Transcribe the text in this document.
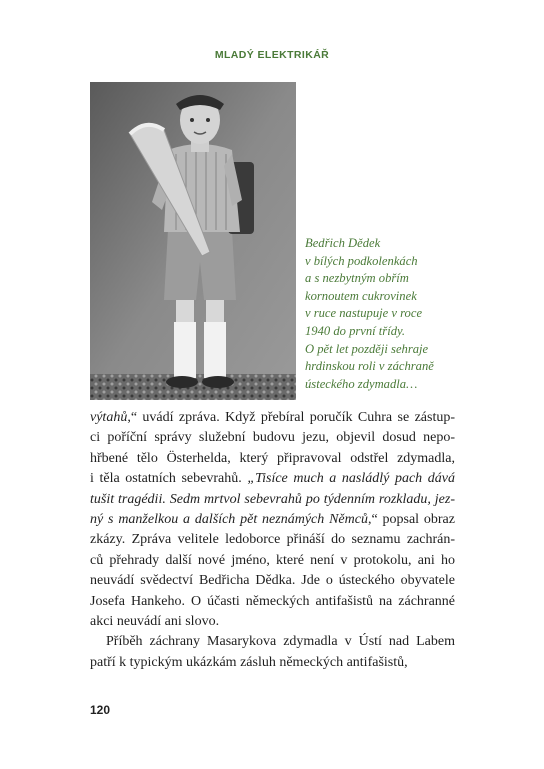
MLADÝ ELEKTRIKÁŘ
Bedřich Dědek
v bílých podkolenkách
a s nezbytným obřím
kornoutem cukrovinek
v ruce nastupuje v roce
1940 do první třídy.
O pět let později sehraje
hrdinskou roli v záchraně
ústeckého zdymadla…
výtahů,“ uvádí zpráva. Když přebíral poručík Cuhra se zástup-
ci poříční správy služební budovu jezu, objevil dosud nepo-
hřbené tělo Österhelda, který připravoval odstřel zdymadla,
i těla ostatních sebevrahů. „Tisíce much a nasládlý pach dává
tušit tragédii. Sedm mrtvol sebevrahů po týdenním rozkladu, jez-
ný s manželkou a dalších pět neznámých Němců,“ popsal obraz
zkázy. Zpráva velitele ledoborce přináší do seznamu zachrán-
ců přehrady další nové jméno, které není v protokolu, ani ho
neuvádí svědectví Bedřicha Dědka. Jde o ústeckého obyvatele
Josefa Hankeho. O účasti německých antifašistů na záchranné
akci neuvádí ani slovo.
Příběh záchrany Masarykova zdymadla v Ústí nad Labem
patří k typickým ukázkám zásluh německých antifašistů,
120
